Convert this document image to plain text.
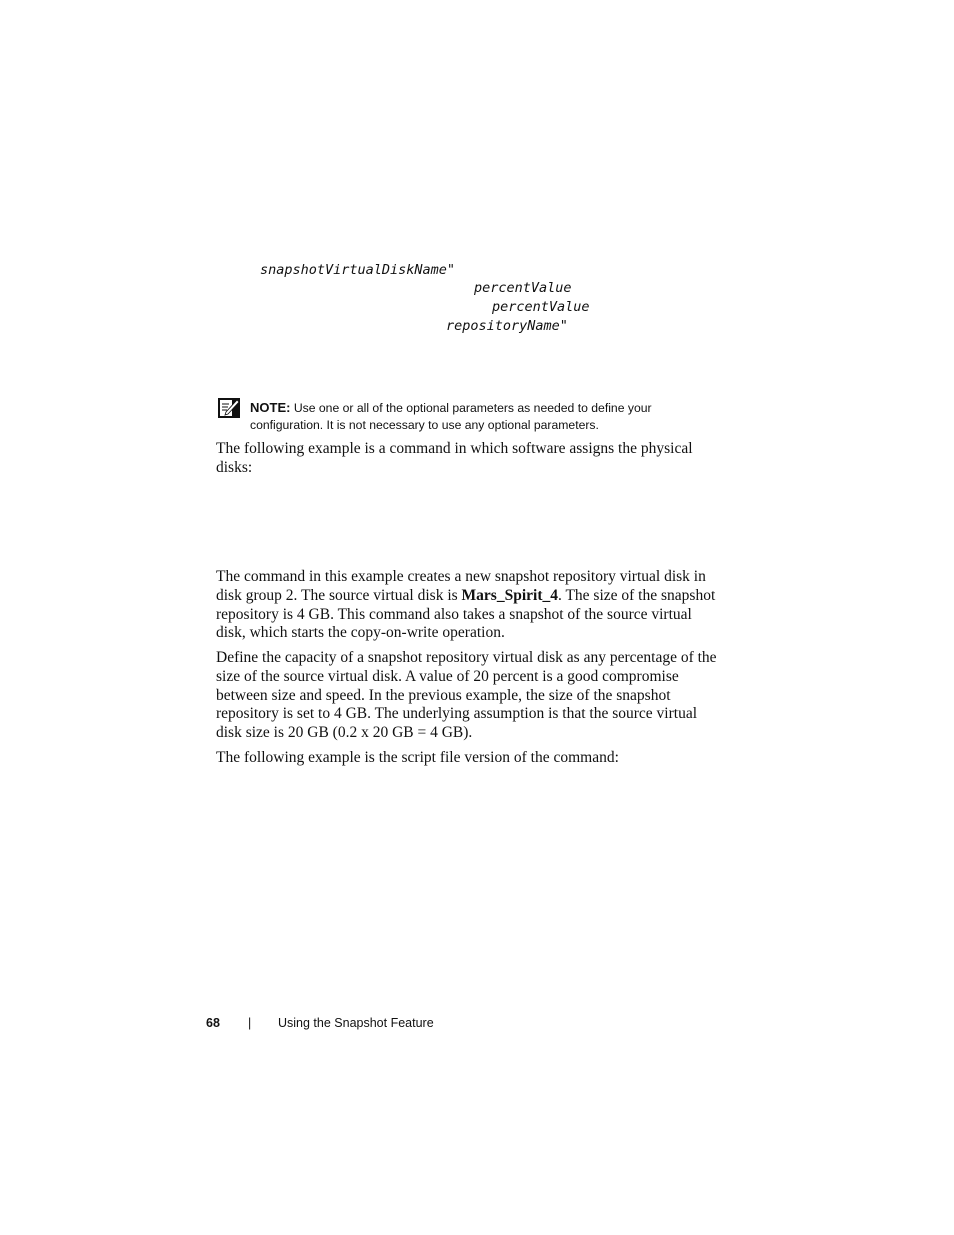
snapshotVirtualDiskName"
percentValue
percentValue
repositoryName"
NOTE: Use one or all of the optional parameters as needed to define your configuration. It is not necessary to use any optional parameters.

The following example is a command in which software assigns the physical disks:

The command in this example creates a new snapshot repository virtual disk in disk group 2. The source virtual disk is Mars_Spirit_4. The size of the snapshot repository is 4 GB. This command also takes a snapshot of the source virtual disk, which starts the copy-on-write operation.

Define the capacity of a snapshot repository virtual disk as any percentage of the size of the source virtual disk. A value of 20 percent is a good compromise between size and speed. In the previous example, the size of the snapshot repository is set to 4 GB. The underlying assumption is that the source virtual disk size is 20 GB (0.2 x 20 GB = 4 GB).

The following example is the script file version of the command:

68 | Using the Snapshot Feature
